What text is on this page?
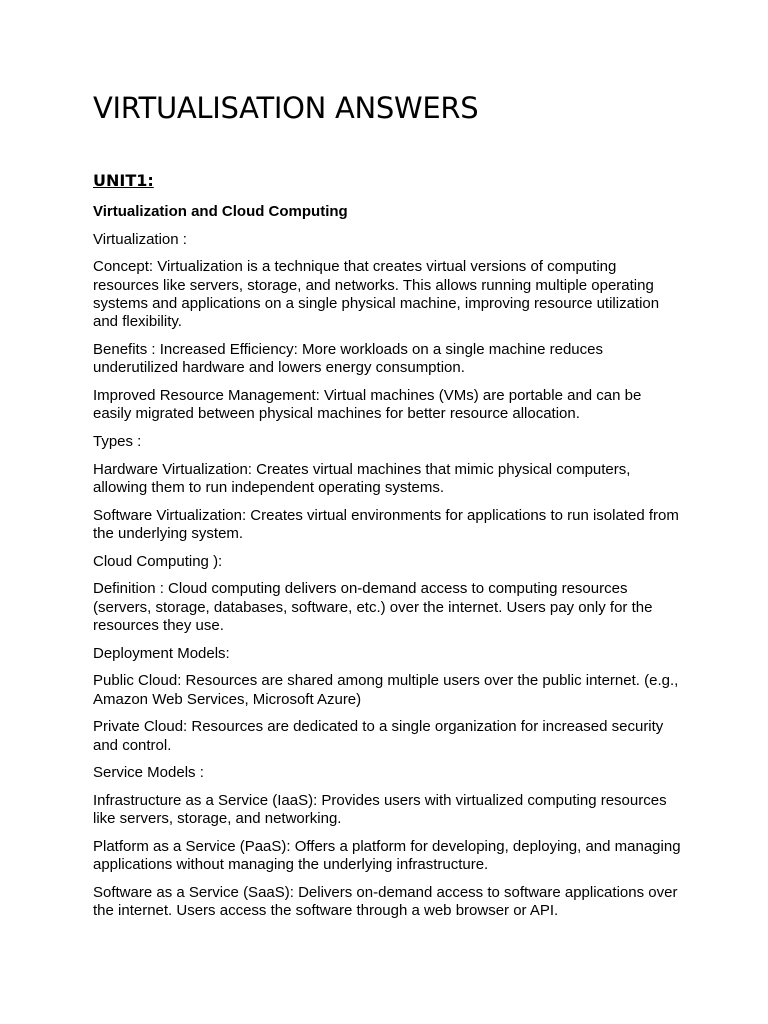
VIRTUALISATION ANSWERS
UNIT1:
Virtualization and Cloud Computing

Virtualization :

Concept: Virtualization is a technique that creates virtual versions of computing resources like servers, storage, and networks. This allows running multiple operating systems and applications on a single physical machine, improving resource utilization and flexibility.

Benefits : Increased Efficiency: More workloads on a single machine reduces underutilized hardware and lowers energy consumption.

Improved Resource Management: Virtual machines (VMs) are portable and can be easily migrated between physical machines for better resource allocation.

Types :

Hardware Virtualization: Creates virtual machines that mimic physical computers, allowing them to run independent operating systems.

Software Virtualization: Creates virtual environments for applications to run isolated from the underlying system.

Cloud Computing ):

Definition : Cloud computing delivers on-demand access to computing resources (servers, storage, databases, software, etc.) over the internet. Users pay only for the resources they use.

Deployment Models:

Public Cloud: Resources are shared among multiple users over the public internet. (e.g., Amazon Web Services, Microsoft Azure)

Private Cloud: Resources are dedicated to a single organization for increased security and control.

Service Models :

Infrastructure as a Service (IaaS): Provides users with virtualized computing resources like servers, storage, and networking.

Platform as a Service (PaaS): Offers a platform for developing, deploying, and managing applications without managing the underlying infrastructure.

Software as a Service (SaaS): Delivers on-demand access to software applications over the internet. Users access the software through a web browser or API.
